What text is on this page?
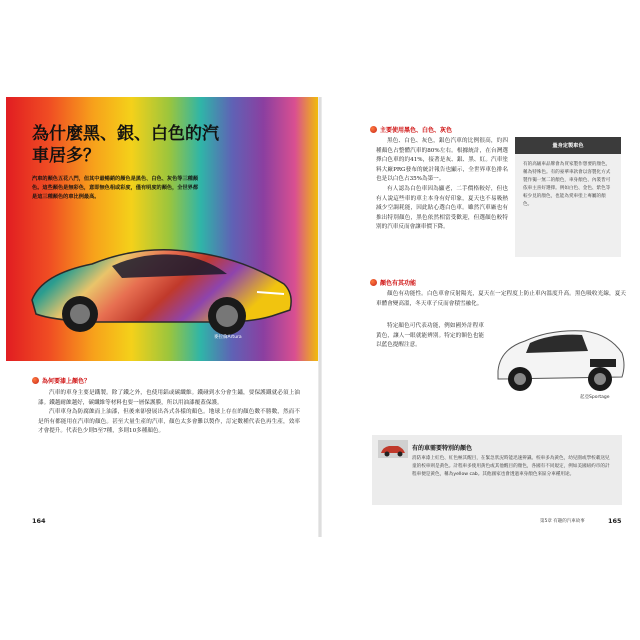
為什麼黑、銀、白色的汽車居多？
汽車的顏色五花八門，但其中最暢銷的顏色是黑色、白色、灰色等三種顏色。這些顏色是無彩色，意即無色相或彩度，僅有明度的顏色，全世界都是這三種顏色的車比例最高。
麥拉倫Artura
為何要漆上顏色？

汽車的車身主要是鐵製。除了鐵之外，也使用鋁或碳纖維。鐵碰到水分會生鏽，要保護鐵就必須上油漆。鐵越耐蝕越好，碳纖維等材料也要一層保護膜，所以用油漆覆蓋保護。

汽車車身為防腐蝕而上油漆，但後來卻發展出各式各樣的顏色。地球上存在的顏色數不勝數，然而不是所有都能用在汽車的顏色。甚至大量生產的汽車，顏色太多會難以製作，訂定數種代表色再生產，效率才會提升。代表色少則5至7種，多則10多種顏色。

164
主要使用黑色、白色、灰色

黑色、白色、灰色，銀色汽車的比例很高，約四種顏色占整體汽車的80%左右。根據統計，在台灣選擇白色車的約41%，接著是灰、銀、黑、紅。汽車塗料大廠PRG發布的統計報告也顯示，全世界車色排名也是以白色占35%為第一。

有人認為白色車因為顯老，二手價格較好，但也有人說這些車的車主本身有好印象，夏天也不易吸熱減少空調耗能，因此貼心選白色車。雖然汽車廠也有推出特別顏色，黑色依然相當受歡迎，但選顏色較特別的汽車反而會讓車價下降。

量身定製車色
有的高級車品牌會為買家製作想要的顏色，稱為特殊色。有的豪華車款會以客製化方式製作獨一無二的顏色，車身顏色、內裝皆可依車主喜好選擇。例如白色、金色、紫色等較少見的顏色，也能為愛車塗上專屬的顏色。
顏色有其功能

顏色有功能性。白色車會反射陽光，夏天在一定程度上防止車內溫度升高。黑色吸收光線，夏天車體會變高溫，冬天車子反而會積雪融化。

特定顏色可代表功能，例如國外計程車黃色，讓人一眼就能辨別。特定的額色也能以藍色提醒注意。

起亞Sportage
有的車需要特別的顏色
消防車漆上紅色、紅色極其醒目，在緊急狀況時能迅速辨識。校車多為黃色，幼兒園或學校載送兒童的校車則是黃色。計程車多使用黃色或其他醒目的顏色，各國有不同規定，例如美國紐約市的計程車便是黃色，稱為yellow cab。其他國家也會透過車身顏色來區分車種用途。
第5章 有趣的汽車故事	165
